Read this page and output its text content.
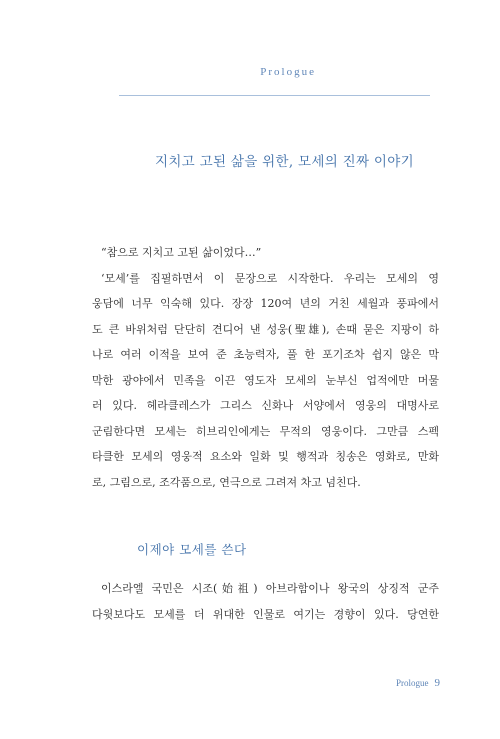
Prologue
지치고 고된 삶을 위한, 모세의 진짜 이야기
“참으로 지치고 고된 삶이었다…”
‘모세’를 집필하면서 이 문장으로 시작한다. 우리는 모세의 영
웅담에 너무 익숙해 있다. 장장 120여 년의 거친 세월과 풍파에서
도 큰 바위처럼 단단히 견디어 낸 성웅(聖雄), 손때 묻은 지팡이 하
나로 여러 이적을 보여 준 초능력자, 풀 한 포기조차 쉽지 않은 막
막한 광야에서 민족을 이끈 영도자 모세의 눈부신 업적에만 머물
러 있다. 헤라클레스가 그리스 신화나 서양에서 영웅의 대명사로
군림한다면 모세는 히브리인에게는 무적의 영웅이다. 그만큼 스펙
타클한 모세의 영웅적 요소와 일화 및 행적과 칭송은 영화로, 만화
로, 그림으로, 조각품으로, 연극으로 그려져 차고 넘친다.
이제야 모세를 쓴다
이스라엘 국민은 시조(始祖) 아브라함이나 왕국의 상징적 군주
다윗보다도 모세를 더 위대한 인물로 여기는 경향이 있다. 당연한
Prologue 9
